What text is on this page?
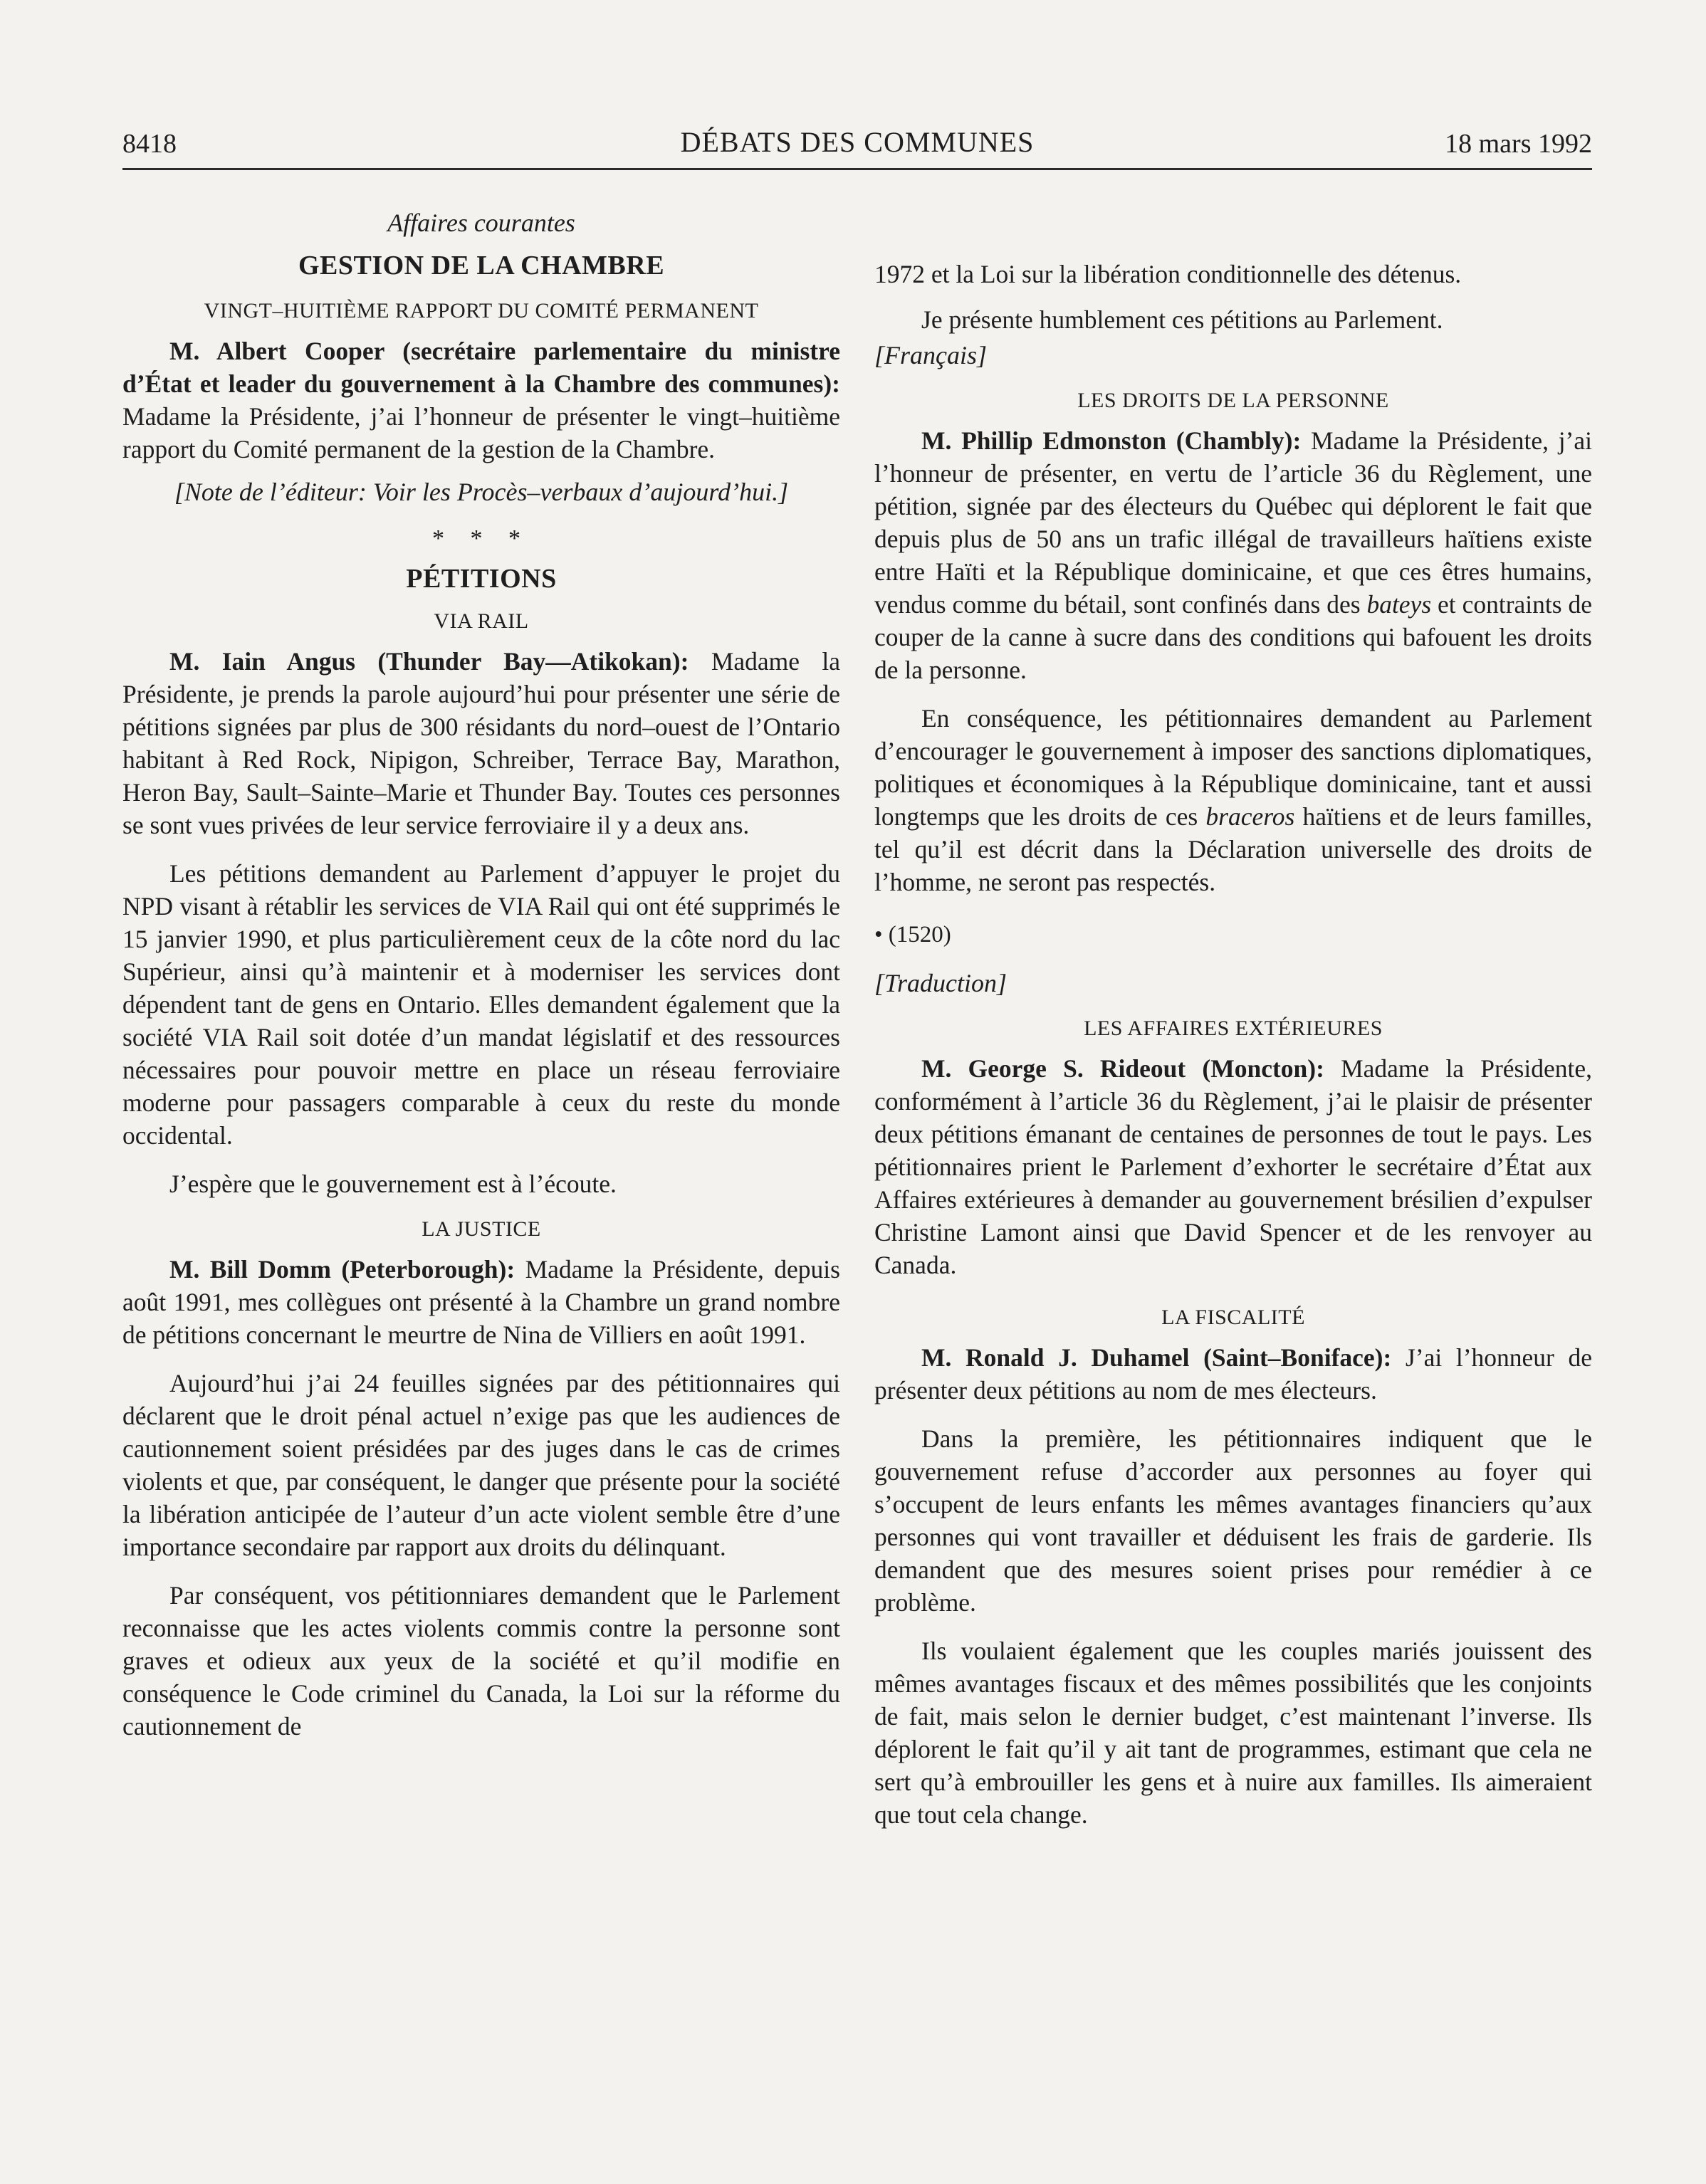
8418	DÉBATS DES COMMUNES	18 mars 1992

Affaires courantes

GESTION DE LA CHAMBRE

VINGT–HUITIÈME RAPPORT DU COMITÉ PERMANENT

M. Albert Cooper (secrétaire parlementaire du ministre d’État et leader du gouvernement à la Chambre des communes): Madame la Présidente, j’ai l’honneur de présenter le vingt–huitième rapport du Comité permanent de la gestion de la Chambre.

[Note de l’éditeur: Voir les Procès–verbaux d’aujourd’hui.]

* * *

PÉTITIONS

VIA RAIL

M. Iain Angus (Thunder Bay—Atikokan): Madame la Présidente, je prends la parole aujourd’hui pour présenter une série de pétitions signées par plus de 300 résidants du nord–ouest de l’Ontario habitant à Red Rock, Nipigon, Schreiber, Terrace Bay, Marathon, Heron Bay, Sault–Sainte–Marie et Thunder Bay. Toutes ces personnes se sont vues privées de leur service ferroviaire il y a deux ans.

Les pétitions demandent au Parlement d’appuyer le projet du NPD visant à rétablir les services de VIA Rail qui ont été supprimés le 15 janvier 1990, et plus particulièrement ceux de la côte nord du lac Supérieur, ainsi qu’à maintenir et à moderniser les services dont dépendent tant de gens en Ontario. Elles demandent également que la société VIA Rail soit dotée d’un mandat législatif et des ressources nécessaires pour pouvoir mettre en place un réseau ferroviaire moderne pour passagers comparable à ceux du reste du monde occidental.

J’espère que le gouvernement est à l’écoute.

LA JUSTICE

M. Bill Domm (Peterborough): Madame la Présidente, depuis août 1991, mes collègues ont présenté à la Chambre un grand nombre de pétitions concernant le meurtre de Nina de Villiers en août 1991.

Aujourd’hui j’ai 24 feuilles signées par des pétitionnaires qui déclarent que le droit pénal actuel n’exige pas que les audiences de cautionnement soient présidées par des juges dans le cas de crimes violents et que, par conséquent, le danger que présente pour la société la libération anticipée de l’auteur d’un acte violent semble être d’une importance secondaire par rapport aux droits du délinquant.

Par conséquent, vos pétitionniares demandent que le Parlement reconnaisse que les actes violents commis contre la personne sont graves et odieux aux yeux de la société et qu’il modifie en conséquence le Code criminel du Canada, la Loi sur la réforme du cautionnement de

1972 et la Loi sur la libération conditionnelle des détenus.

Je présente humblement ces pétitions au Parlement.

[Français]

LES DROITS DE LA PERSONNE

M. Phillip Edmonston (Chambly): Madame la Présidente, j’ai l’honneur de présenter, en vertu de l’article 36 du Règlement, une pétition, signée par des électeurs du Québec qui déplorent le fait que depuis plus de 50 ans un trafic illégal de travailleurs haïtiens existe entre Haïti et la République dominicaine, et que ces êtres humains, vendus comme du bétail, sont confinés dans des bateys et contraints de couper de la canne à sucre dans des conditions qui bafouent les droits de la personne.

En conséquence, les pétitionnaires demandent au Parlement d’encourager le gouvernement à imposer des sanctions diplomatiques, politiques et économiques à la République dominicaine, tant et aussi longtemps que les droits de ces braceros haïtiens et de leurs familles, tel qu’il est décrit dans la Déclaration universelle des droits de l’homme, ne seront pas respectés.

• (1520)

[Traduction]

LES AFFAIRES EXTÉRIEURES

M. George S. Rideout (Moncton): Madame la Présidente, conformément à l’article 36 du Règlement, j’ai le plaisir de présenter deux pétitions émanant de centaines de personnes de tout le pays. Les pétitionnaires prient le Parlement d’exhorter le secrétaire d’État aux Affaires extérieures à demander au gouvernement brésilien d’expulser Christine Lamont ainsi que David Spencer et de les renvoyer au Canada.

LA FISCALITÉ

M. Ronald J. Duhamel (Saint–Boniface): J’ai l’honneur de présenter deux pétitions au nom de mes électeurs.

Dans la première, les pétitionnaires indiquent que le gouvernement refuse d’accorder aux personnes au foyer qui s’occupent de leurs enfants les mêmes avantages financiers qu’aux personnes qui vont travailler et déduisent les frais de garderie. Ils demandent que des mesures soient prises pour remédier à ce problème.

Ils voulaient également que les couples mariés jouissent des mêmes avantages fiscaux et des mêmes possibilités que les conjoints de fait, mais selon le dernier budget, c’est maintenant l’inverse. Ils déplorent le fait qu’il y ait tant de programmes, estimant que cela ne sert qu’à embrouiller les gens et à nuire aux familles. Ils aimeraient que tout cela change.
